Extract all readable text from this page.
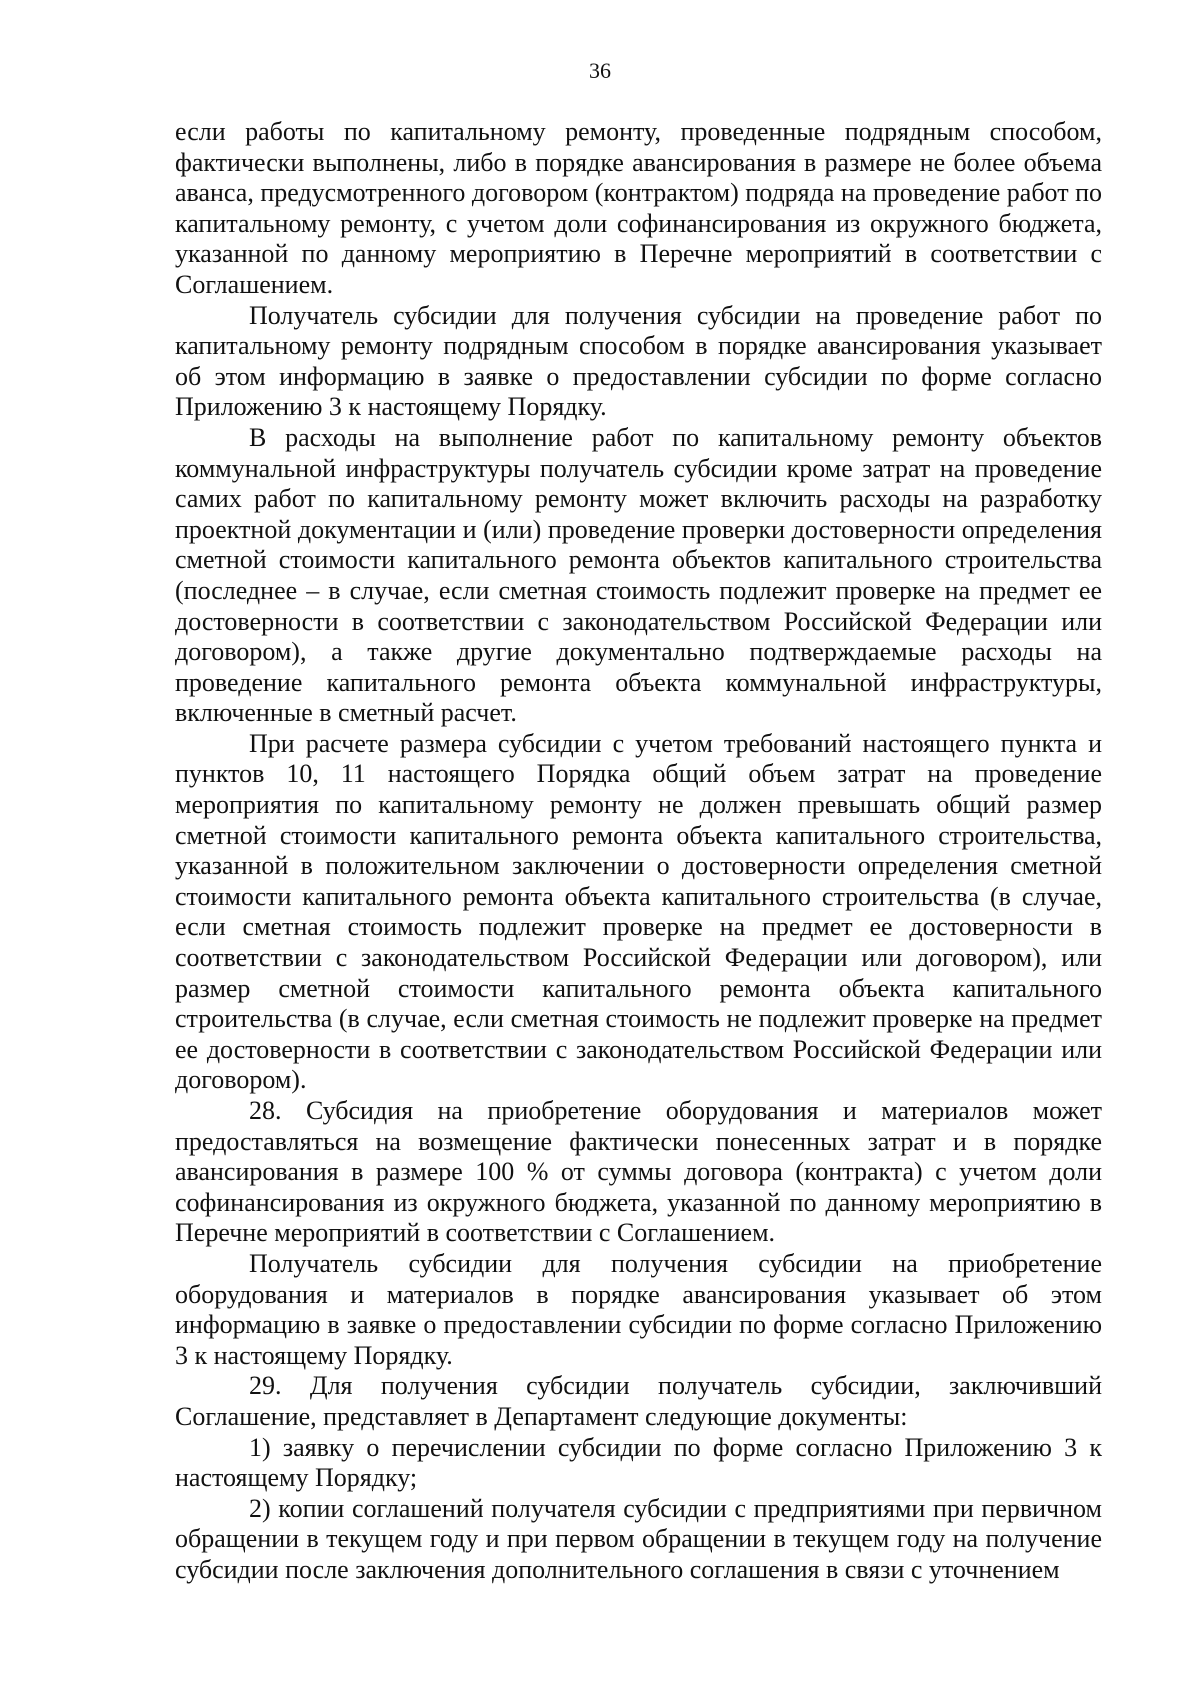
36

если работы по капитальному ремонту, проведенные подрядным способом, фактически выполнены, либо в порядке авансирования в размере не более объема аванса, предусмотренного договором (контрактом) подряда на проведение работ по капитальному ремонту, с учетом доли софинансирования из окружного бюджета, указанной по данному мероприятию в Перечне мероприятий в соответствии с Соглашением.

Получатель субсидии для получения субсидии на проведение работ по капитальному ремонту подрядным способом в порядке авансирования указывает об этом информацию в заявке о предоставлении субсидии по форме согласно Приложению 3 к настоящему Порядку.

В расходы на выполнение работ по капитальному ремонту объектов коммунальной инфраструктуры получатель субсидии кроме затрат на проведение самих работ по капитальному ремонту может включить расходы на разработку проектной документации и (или) проведение проверки достоверности определения сметной стоимости капитального ремонта объектов капитального строительства (последнее – в случае, если сметная стоимость подлежит проверке на предмет ее достоверности в соответствии с законодательством Российской Федерации или договором), а также другие документально подтверждаемые расходы на проведение капитального ремонта объекта коммунальной инфраструктуры, включенные в сметный расчет.

При расчете размера субсидии с учетом требований настоящего пункта и пунктов 10, 11 настоящего Порядка общий объем затрат на проведение мероприятия по капитальному ремонту не должен превышать общий размер сметной стоимости капитального ремонта объекта капитального строительства, указанной в положительном заключении о достоверности определения сметной стоимости капитального ремонта объекта капитального строительства (в случае, если сметная стоимость подлежит проверке на предмет ее достоверности в соответствии с законодательством Российской Федерации или договором), или размер сметной стоимости капитального ремонта объекта капитального строительства (в случае, если сметная стоимость не подлежит проверке на предмет ее достоверности в соответствии с законодательством Российской Федерации или договором).

28. Субсидия на приобретение оборудования и материалов может предоставляться на возмещение фактически понесенных затрат и в порядке авансирования в размере 100 % от суммы договора (контракта) с учетом доли софинансирования из окружного бюджета, указанной по данному мероприятию в Перечне мероприятий в соответствии с Соглашением.

Получатель субсидии для получения субсидии на приобретение оборудования и материалов в порядке авансирования указывает об этом информацию в заявке о предоставлении субсидии по форме согласно Приложению 3 к настоящему Порядку.

29. Для получения субсидии получатель субсидии, заключивший Соглашение, представляет в Департамент следующие документы:

1) заявку о перечислении субсидии по форме согласно Приложению 3 к настоящему Порядку;

2) копии соглашений получателя субсидии с предприятиями при первичном обращении в текущем году и при первом обращении в текущем году на получение субсидии после заключения дополнительного соглашения в связи с уточнением
